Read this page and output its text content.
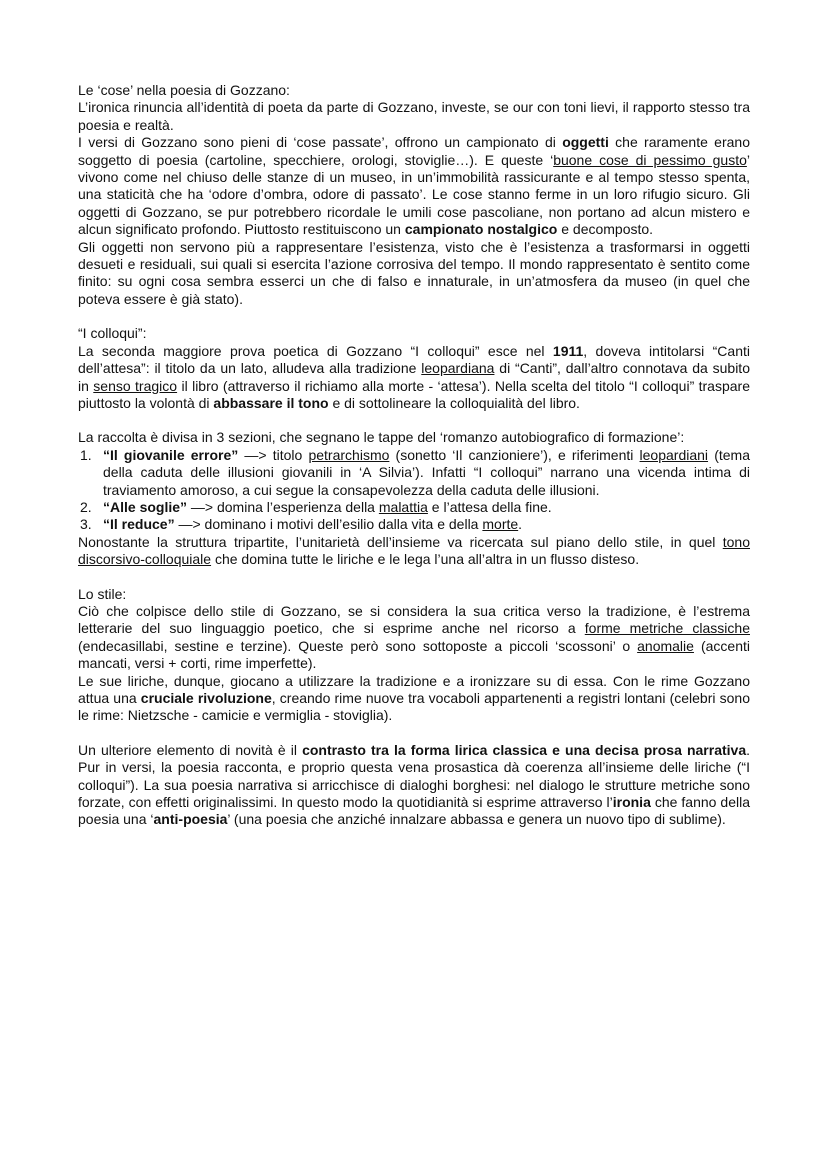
Le ‘cose’ nella poesia di Gozzano:

L’ironica rinuncia all’identità di poeta da parte di Gozzano, investe, se our con toni lievi, il rapporto stesso tra poesia e realtà.

I versi di Gozzano sono pieni di ‘cose passate’, offrono un campionato di oggetti che raramente erano soggetto di poesia (cartoline, specchiere, orologi, stoviglie…). E queste ‘buone cose di pessimo gusto’ vivono come nel chiuso delle stanze di un museo, in un’immobilità rassicurante e al tempo stesso spenta, una staticità che ha ‘odore d’ombra, odore di passato’. Le cose stanno ferme in un loro rifugio sicuro. Gli oggetti di Gozzano, se pur potrebbero ricordale le umili cose pascoliane, non portano ad alcun mistero e alcun significato profondo. Piuttosto restituiscono un campionato nostalgico e decomposto.

Gli oggetti non servono più a rappresentare l’esistenza, visto che è l’esistenza a trasformarsi in oggetti desueti e residuali, sui quali si esercita l’azione corrosiva del tempo. Il mondo rappresentato è sentito come finito: su ogni cosa sembra esserci un che di falso e innaturale, in un’atmosfera da museo (in quel che poteva essere è già stato).

“I colloqui”:

La seconda maggiore prova poetica di Gozzano “I colloqui” esce nel 1911, doveva intitolarsi “Canti dell’attesa”: il titolo da un lato, alludeva alla tradizione leopardiana di “Canti”, dall’altro connotava da subito in senso tragico il libro (attraverso il richiamo alla morte - ‘attesa’). Nella scelta del titolo “I colloqui” traspare piuttosto la volontà di abbassare il tono e di sottolineare la colloquialità del libro.

La raccolta è divisa in 3 sezioni, che segnano le tappe del ‘romanzo autobiografico di formazione’:

1. “Il giovanile errore” —> titolo petrarchismo (sonetto ‘Il canzioniere’), e riferimenti leopardiani (tema della caduta delle illusioni giovanili in ‘A Silvia’). Infatti “I colloqui” narrano una vicenda intima di traviamento amoroso, a cui segue la consapevolezza della caduta delle illusioni.
2. “Alle soglie” —> domina l’esperienza della malattia e l’attesa della fine.
3. “Il reduce” —> dominano i motivi dell’esilio dalla vita e della morte.

Nonostante la struttura tripartite, l’unitarietà dell’insieme va ricercata sul piano dello stile, in quel tono discorsivo-colloquiale che domina tutte le liriche e le lega l’una all’altra in un flusso disteso.

Lo stile:

Ciò che colpisce dello stile di Gozzano, se si considera la sua critica verso la tradizione, è l’estrema letterarie del suo linguaggio poetico, che si esprime anche nel ricorso a forme metriche classiche (endecasillabi, sestine e terzine). Queste però sono sottoposte a piccoli ‘scossoni’ o anomalie (accenti mancati, versi + corti, rime imperfette).

Le sue liriche, dunque, giocano a utilizzare la tradizione e a ironizzare su di essa. Con le rime Gozzano attua una cruciale rivoluzione, creando rime nuove tra vocaboli appartenenti a registri lontani (celebri sono le rime: Nietzsche - camicie e vermiglia - stoviglia).

Un ulteriore elemento di novità è il contrasto tra la forma lirica classica e una decisa prosa narrativa. Pur in versi, la poesia racconta, e proprio questa vena prosastica dà coerenza all’insieme delle liriche (“I colloqui”). La sua poesia narrativa si arricchisce di dialoghi borghesi: nel dialogo le strutture metriche sono forzate, con effetti originalissimi. In questo modo la quotidianità si esprime attraverso l’ironia che fanno della poesia una ‘anti-poesia’ (una poesia che anziché innalzare abbassa e genera un nuovo tipo di sublime).
